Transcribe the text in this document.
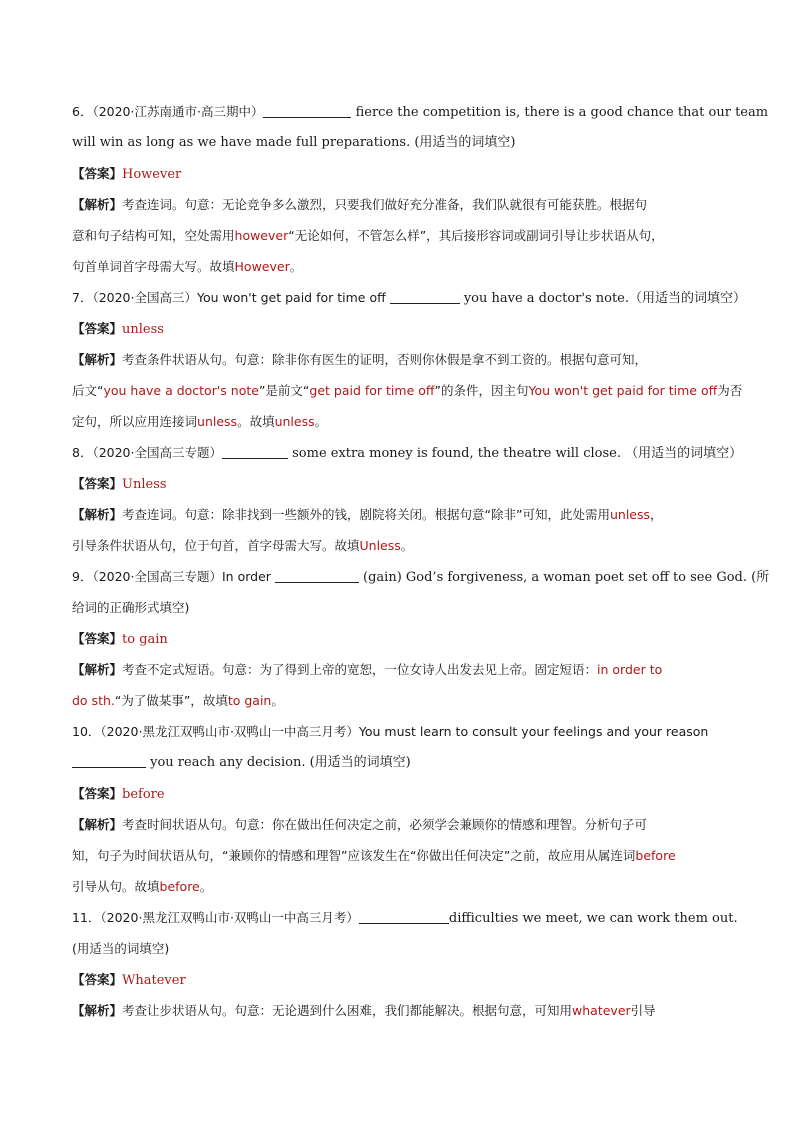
6．（2020·江苏南通市·高三期中）	fierce the competition is, there is a good chance that our team
will win as long as we have made full preparations. (用适当的词填空)
【答案】However
【解析】考查连词。句意：无论竞争多么激烈，只要我们做好充分准备，我们队就很有可能获胜。根据句
意和句子结构可知，空处需用however“无论如何，不管怎么样”，其后接形容词或副词引导让步状语从句，
句首单词首字母需大写。故填However。
7．（2020·全国高三）You won't get paid for time off	you have a doctor's note.（用适当的词填空）
【答案】unless
【解析】考查条件状语从句。句意：除非你有医生的证明，否则你休假是拿不到工资的。根据句意可知，
后文“you have a doctor's note”是前文“get paid for time off”的条件，因主句You won't get paid for time off为否
定句，所以应用连接词unless。故填unless。
8．（2020·全国高三专题）	some extra money is found, the theatre will close. （用适当的词填空）
【答案】Unless
【解析】考查连词。句意：除非找到一些额外的钱，剧院将关闭。根据句意“除非”可知，此处需用unless，
引导条件状语从句，位于句首，首字母需大写。故填Unless。
9．（2020·全国高三专题）In order	(gain) God’s forgiveness, a woman poet set off to see God. (所
给词的正确形式填空)
【答案】to gain
【解析】考查不定式短语。句意：为了得到上帝的宽恕，一位女诗人出发去见上帝。固定短语：in order to
do sth.“为了做某事”，故填to gain。
10．（2020·黑龙江双鸭山市·双鸭山一中高三月考）You must learn to consult your feelings and your reason
you reach any decision. (用适当的词填空)
【答案】before
【解析】考查时间状语从句。句意：你在做出任何决定之前，必须学会兼顾你的情感和理智。分析句子可
知，句子为时间状语从句，“兼顾你的情感和理智”应该发生在“你做出任何决定”之前，故应用从属连词before
引导从句。故填before。
11．（2020·黑龙江双鸭山市·双鸭山一中高三月考）	difficulties we meet, we can work them out.
(用适当的词填空)
【答案】Whatever
【解析】考查让步状语从句。句意：无论遇到什么困难，我们都能解决。根据句意，可知用whatever引导
